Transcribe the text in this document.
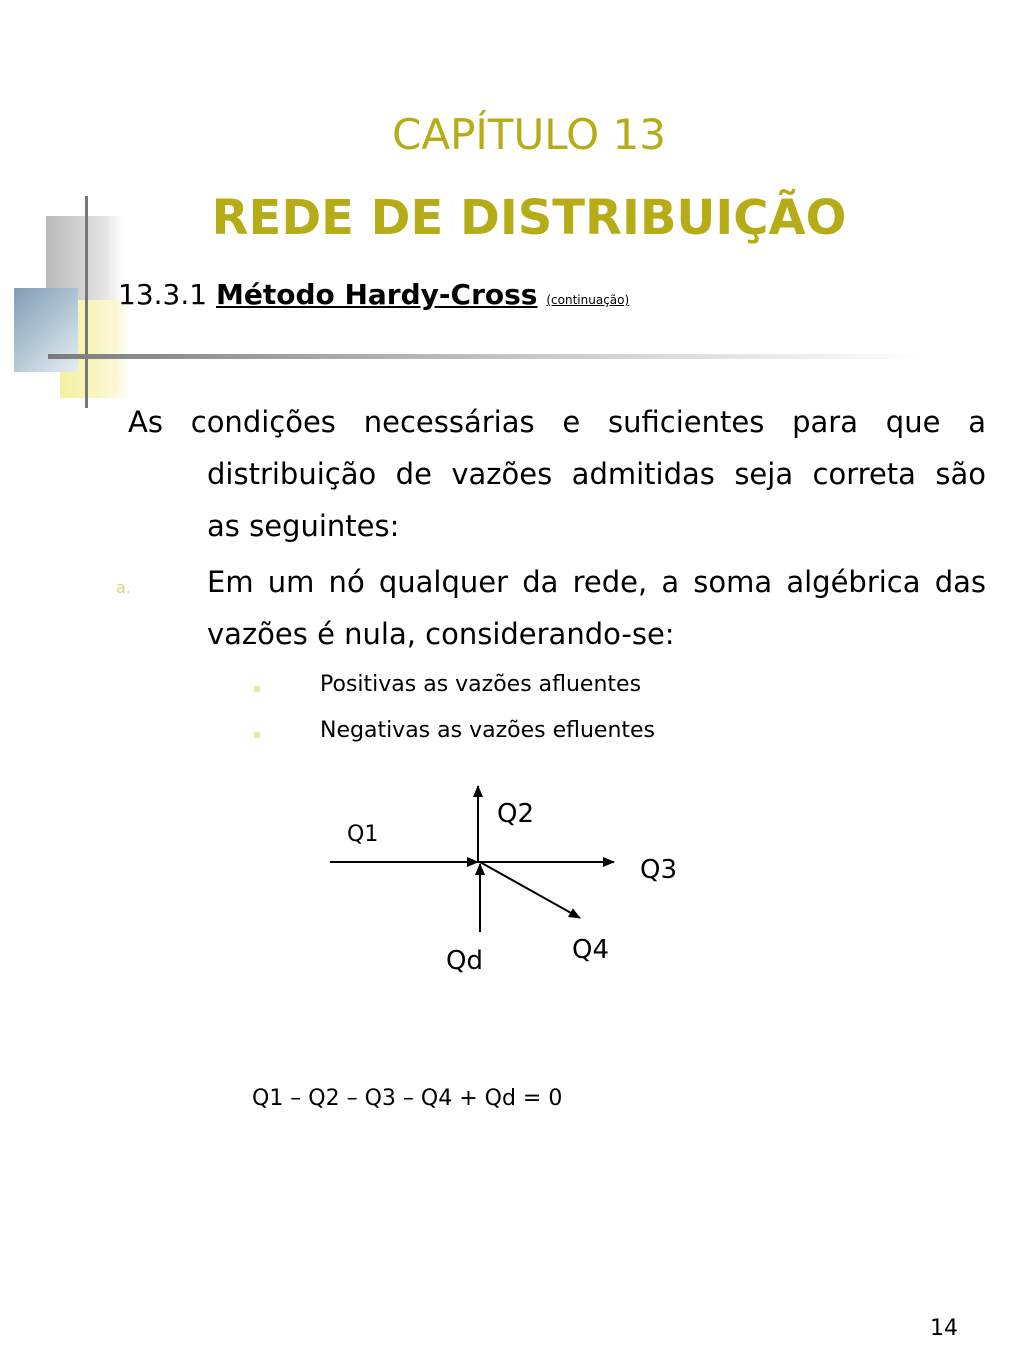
CAPÍTULO 13
REDE DE DISTRIBUIÇÃO
13.3.1 Método Hardy-Cross (continuação)
As condições necessárias e suficientes para que a
distribuição de vazões admitidas seja correta são
as seguintes:
a.	Em um nó qualquer da rede, a soma algébrica das vazões é nula, considerando-se:
Positivas as vazões afluentes
Negativas as vazões efluentes
Q1
Q2
Q3
Q4
Qd
Q1 – Q2 – Q3 – Q4 + Qd = 0
14
